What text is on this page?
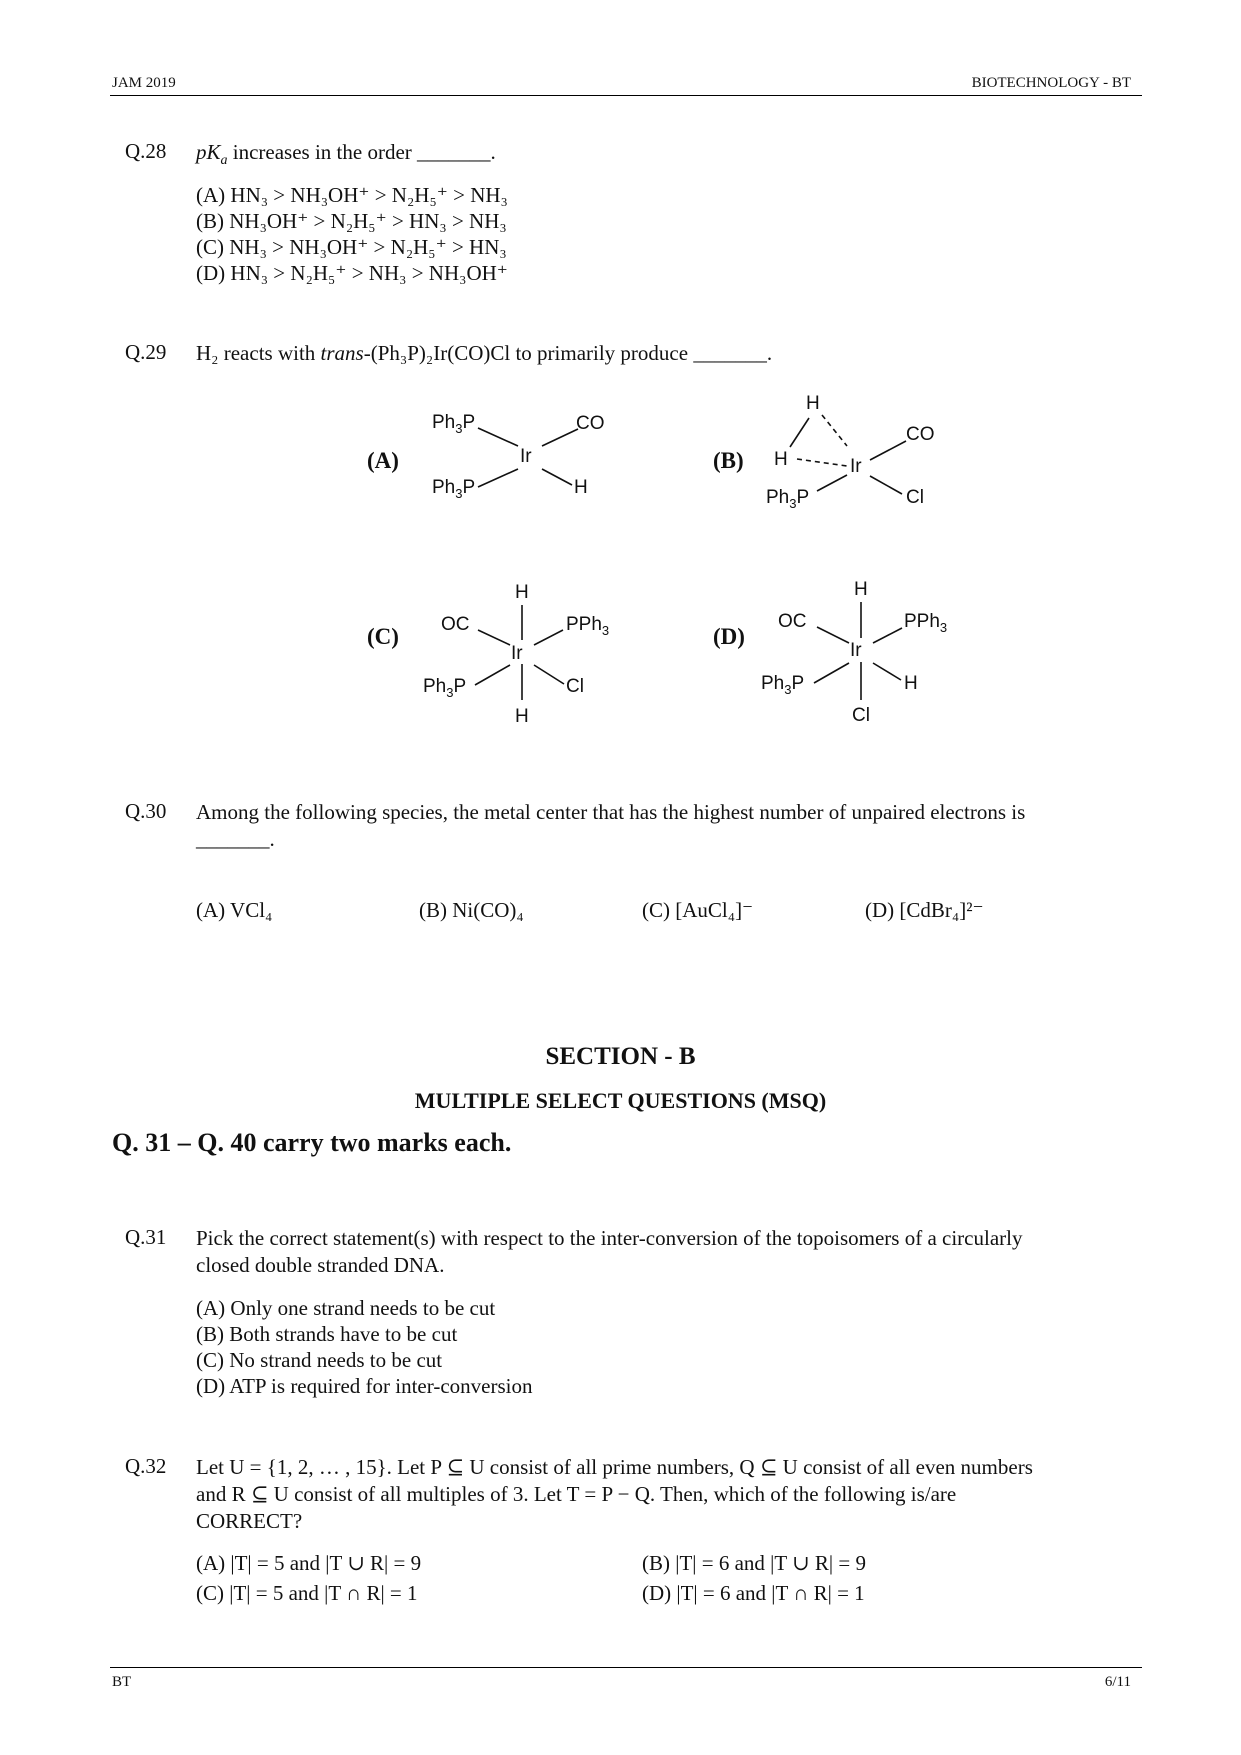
JAM 2019	BIOTECHNOLOGY - BT
Q.28 $pK_a$ increases in the order _______.
(A) HN₃ > NH₃OH⁺ > N₂H₅⁺ > NH₃
(B) NH₃OH⁺ > N₂H₅⁺ > HN₃ > NH₃
(C) NH₃ > NH₃OH⁺ > N₂H₅⁺ > HN₃
(D) HN₃ > N₂H₅⁺ > NH₃ > NH₃OH⁺
Q.29 H₂ reacts with trans-(Ph₃P)₂Ir(CO)Cl to primarily produce _______.
(A)
$Ph_3P$
$Ph_3P$
Ir
CO
H
(B)
H
H	Ir
CO
$Ph_3P$	Cl
(C)
H
OC	PPh$_3$
Ir
$Ph_3P$	Cl
H
(D)
H
OC	PPh$_3$
Ir
$Ph_3P$	H
Cl
Q.30 Among the following species, the metal center that has the highest number of unpaired electrons is
_______.
(A) VCl₄	(B) Ni(CO)₄	(C) [AuCl₄]⁻	(D) [CdBr₄]²⁻
SECTION - B
MULTIPLE SELECT QUESTIONS (MSQ)
Q. 31 – Q. 40 carry two marks each.
Q.31 Pick the correct statement(s) with respect to the inter-conversion of the topoisomers of a circularly
closed double stranded DNA.
(A) Only one strand needs to be cut
(B) Both strands have to be cut
(C) No strand needs to be cut
(D) ATP is required for inter-conversion
Q.32 Let U = {1, 2, … , 15}. Let P ⊆ U consist of all prime numbers, Q ⊆ U consist of all even numbers
and R ⊆ U consist of all multiples of 3. Let T = P − Q. Then, which of the following is/are
CORRECT?
(A) |T| = 5 and |T ∪ R| = 9	(B) |T| = 6 and |T ∪ R| = 9
(C) |T| = 5 and |T ∩ R| = 1	(D) |T| = 6 and |T ∩ R| = 1
BT	6/11
